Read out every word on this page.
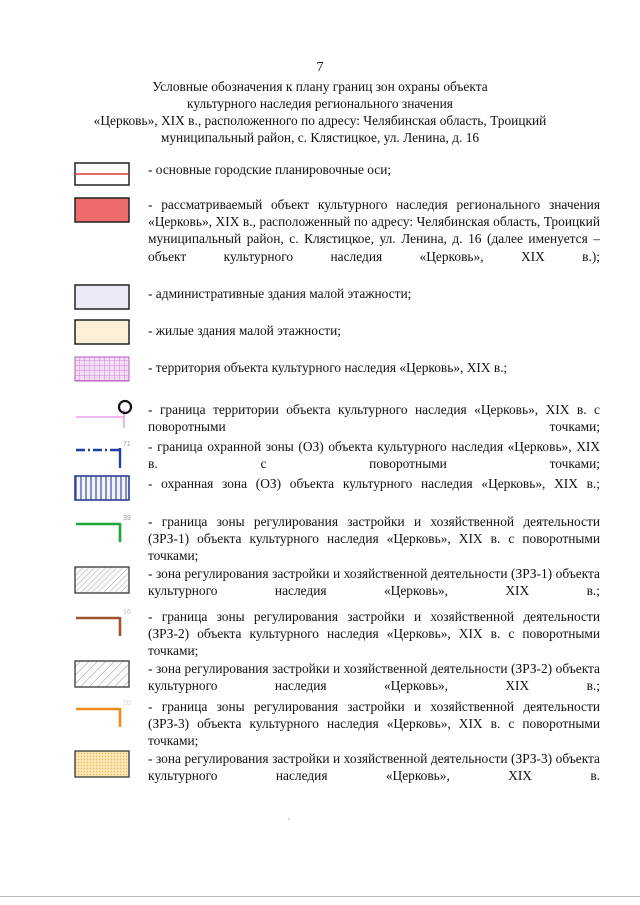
7
Условные обозначения к плану границ зон охраны объекта
культурного наследия регионального значения
«Церковь», XIX в., расположенного по адресу: Челябинская область, Троицкий
муниципальный район, с. Клястицкое, ул. Ленина, д. 16
- основные городские планировочные оси;
- рассматриваемый объект культурного наследия регионального значения «Церковь», XIX в., расположенный по адресу: Челябинская область, Троицкий муниципальный район, с. Клястицкое, ул. Ленина, д. 16 (далее именуется – объект культурного наследия «Церковь», XIX в.);
- административные здания малой этажности;
- жилые здания малой этажности;
- территория объекта культурного наследия «Церковь», XIX в.;
- граница территории объекта культурного наследия «Церковь», XIX в. с поворотными точками;
71 - граница охранной зоны (ОЗ) объекта культурного наследия «Церковь», XIX в. с поворотными точками;
- охранная зона (ОЗ) объекта культурного наследия «Церковь», XIX в.;
39 - граница зоны регулирования застройки и хозяйственной деятельности (ЗРЗ-1) объекта культурного наследия «Церковь», XIX в. с поворотными точками;
- зона регулирования застройки и хозяйственной деятельности (ЗРЗ-1) объекта культурного наследия «Церковь», XIX в.;
16 - граница зоны регулирования застройки и хозяйственной деятельности (ЗРЗ-2) объекта культурного наследия «Церковь», XIX в. с поворотными точками;
- зона регулирования застройки и хозяйственной деятельности (ЗРЗ-2) объекта культурного наследия «Церковь», XIX в.;
20 - граница зоны регулирования застройки и хозяйственной деятельности (ЗРЗ-3) объекта культурного наследия «Церковь», XIX в. с поворотными точками;
- зона регулирования застройки и хозяйственной деятельности (ЗРЗ-3) объекта культурного наследия «Церковь», XIX в.
